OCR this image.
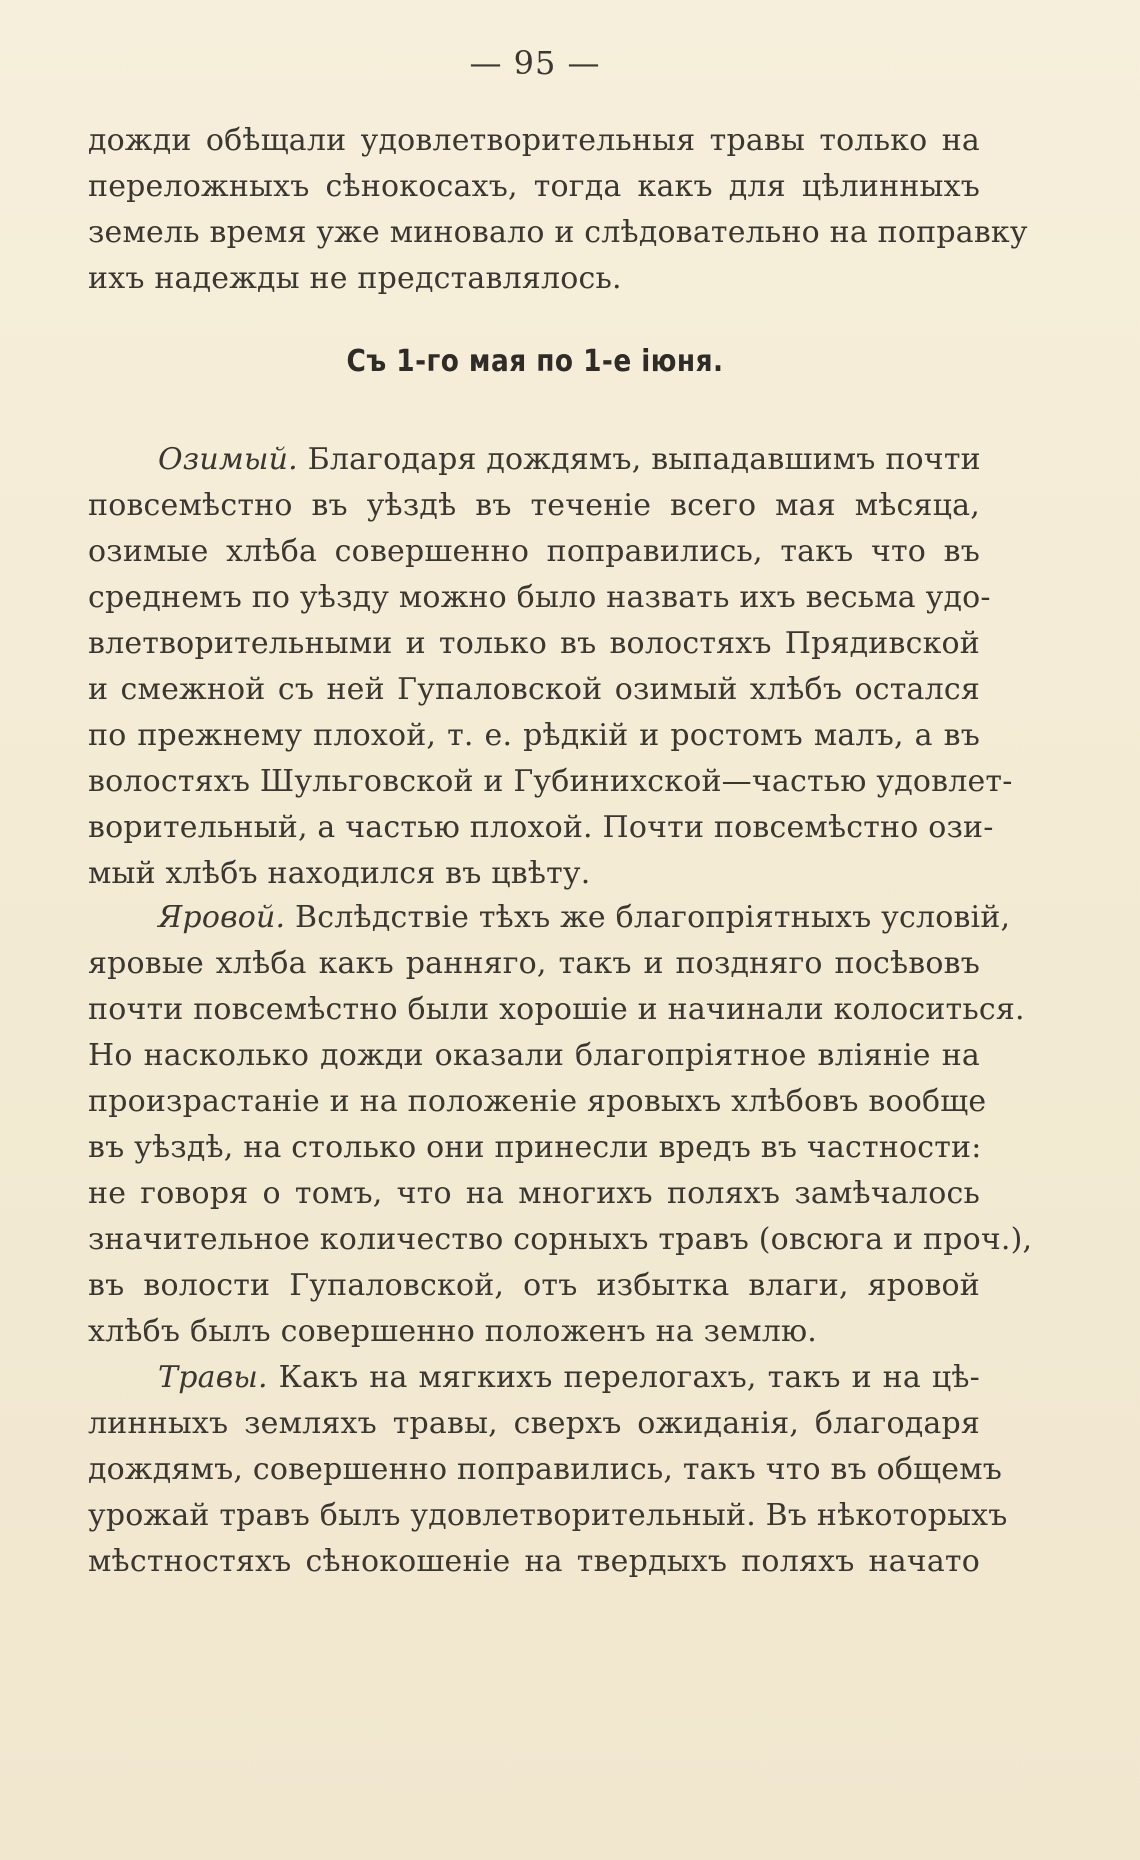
— 95 —
дожди обѣщали удовлетворительныя травы только на
переложныхъ сѣнокосахъ, тогда какъ для цѣлинныхъ
земель время уже миновало и слѣдовательно на поправку
ихъ надежды не представлялось.
Съ 1-го мая по 1-е iюня.
Озимый. Благодаря дождямъ, выпадавшимъ почти
повсемѣстно въ уѣздѣ въ теченiе всего мая мѣсяца,
озимые хлѣба совершенно поправились, такъ что въ
среднемъ по уѣзду можно было назвать ихъ весьма удо-
влетворительными и только въ волостяхъ Прядивской
и смежной съ ней Гупаловской озимый хлѣбъ остался
по прежнему плохой, т. е. рѣдкiй и ростомъ малъ, а въ
волостяхъ Шульговской и Губинихской—частью удовлет-
ворительный, а частью плохой. Почти повсемѣстно ози-
мый хлѣбъ находился въ цвѣту.
Яровой. Вслѣдствiе тѣхъ же благопрiятныхъ условiй,
яровые хлѣба какъ ранняго, такъ и поздняго посѣвовъ
почти повсемѣстно были хорошiе и начинали колоситься.
Но насколько дожди оказали благопрiятное влiянiе на
произрастанiе и на положенiе яровыхъ хлѣбовъ вообще
въ уѣздѣ, на столько они принесли вредъ въ частности:
не говоря о томъ, что на многихъ поляхъ замѣчалось
значительное количество сорныхъ травъ (овсюга и проч.),
въ волости Гупаловской, отъ избытка влаги, яровой
хлѣбъ былъ совершенно положенъ на землю.
Травы. Какъ на мягкихъ перелогахъ, такъ и на цѣ-
линныхъ земляхъ травы, сверхъ ожиданiя, благодаря
дождямъ, совершенно поправились, такъ что въ общемъ
урожай травъ былъ удовлетворительный. Въ нѣкоторыхъ
мѣстностяхъ сѣнокошенiе на твердыхъ поляхъ начато
